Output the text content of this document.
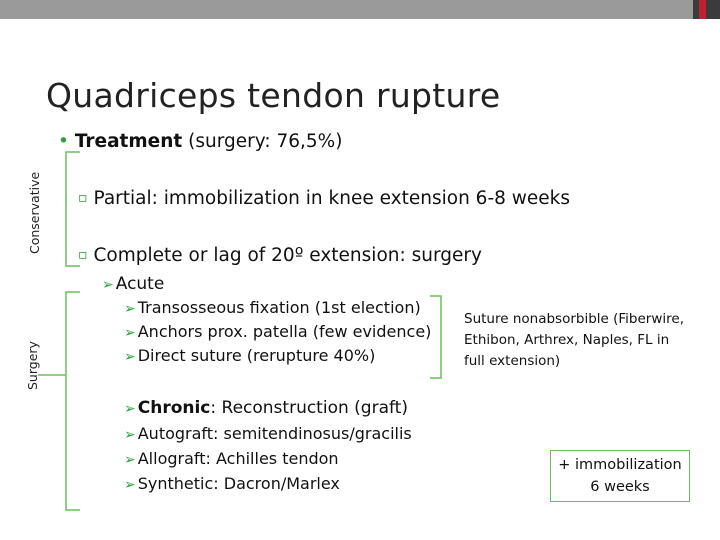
Quadriceps tendon rupture
Conservative
Surgery
• Treatment (surgery: 76,5%)
▫ Partial: immobilization in knee extension 6-8 weeks
▫ Complete or lag of 20º extension: surgery
➢ Acute
➢ Transosseous fixation (1st election)
➢ Anchors prox. patella (few evidence)
➢ Direct suture (rerupture 40%)
➢ Chronic: Reconstruction (graft)
➢ Autograft: semitendinosus/gracilis
➢ Allograft: Achilles tendon
➢ Synthetic: Dacron/Marlex
Suture nonabsorbible (Fiberwire,
Ethibon, Arthrex, Naples, FL in
full extension)
+ immobilization
6 weeks
